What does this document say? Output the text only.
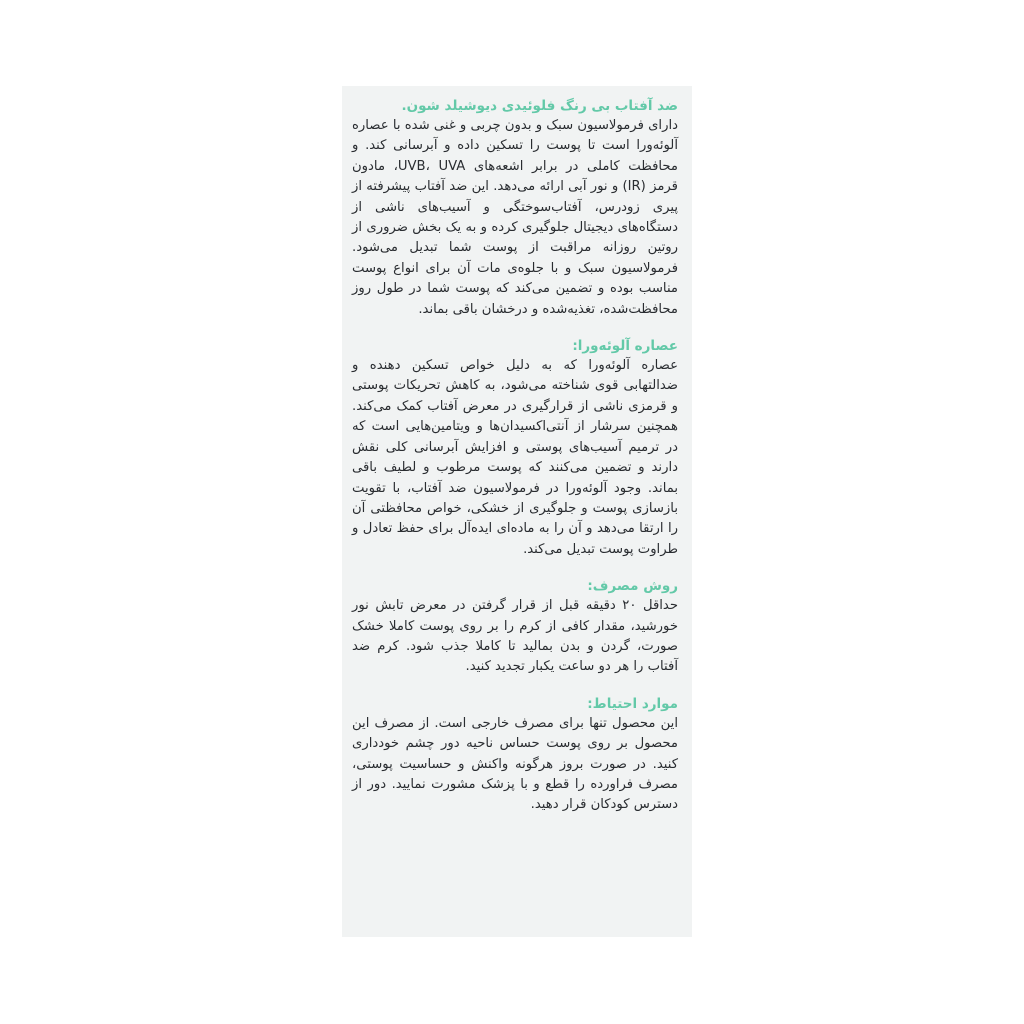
ضد آفتاب بی رنگ فلوئیدی دیوشیلد شون.

دارای فرمولاسیون سبک و بدون چربی و غنی شده با عصاره آلوئه‌ورا است تا پوست را تسکین داده و آبرسانی کند. و محافظت کاملی در برابر اشعه‌های UVB، UVA، مادون قرمز (IR) و نور آبی ارائه می‌دهد. این ضد آفتاب پیشرفته از پیری زودرس، آفتاب‌سوختگی و آسیب‌های ناشی از دستگاه‌های دیجیتال جلوگیری کرده و به یک بخش ضروری از روتین روزانه مراقبت از پوست شما تبدیل می‌شود. فرمولاسیون سبک و با جلوه‌ی مات آن برای انواع پوست مناسب بوده و تضمین می‌کند که پوست شما در طول روز محافظت‌شده، تغذیه‌شده و درخشان باقی بماند.

عصاره آلوئه‌ورا:

عصاره آلوئه‌ورا که به دلیل خواص تسکین دهنده و ضدالتهابی قوی شناخته می‌شود، به کاهش تحریکات پوستی و قرمزی ناشی از قرارگیری در معرض آفتاب کمک می‌کند. همچنین سرشار از آنتی‌اکسیدان‌ها و ویتامین‌هایی است که در ترمیم آسیب‌های پوستی و افزایش آبرسانی کلی نقش دارند و تضمین می‌کنند که پوست مرطوب و لطیف باقی بماند. وجود آلوئه‌ورا در فرمولاسیون ضد آفتاب، با تقویت بازسازی پوست و جلوگیری از خشکی، خواص محافظتی آن را ارتقا می‌دهد و آن را به ماده‌ای ایده‌آل برای حفظ تعادل و طراوت پوست تبدیل می‌کند.

روش مصرف:

حداقل ۲۰ دقیقه قبل از قرار گرفتن در معرض تابش نور خورشید، مقدار کافی از کرم را بر روی پوست کاملا خشک صورت، گردن و بدن بمالید تا کاملا جذب شود. کرم ضد آفتاب را هر دو ساعت یکبار تجدید کنید.

موارد احتیاط:

این محصول تنها برای مصرف خارجی است. از مصرف این محصول بر روی پوست حساس ناحیه دور چشم خودداری کنید. در صورت بروز هرگونه واکنش و حساسیت پوستی، مصرف فراورده را قطع و با پزشک مشورت نمایید. دور از دسترس کودکان قرار دهید.
